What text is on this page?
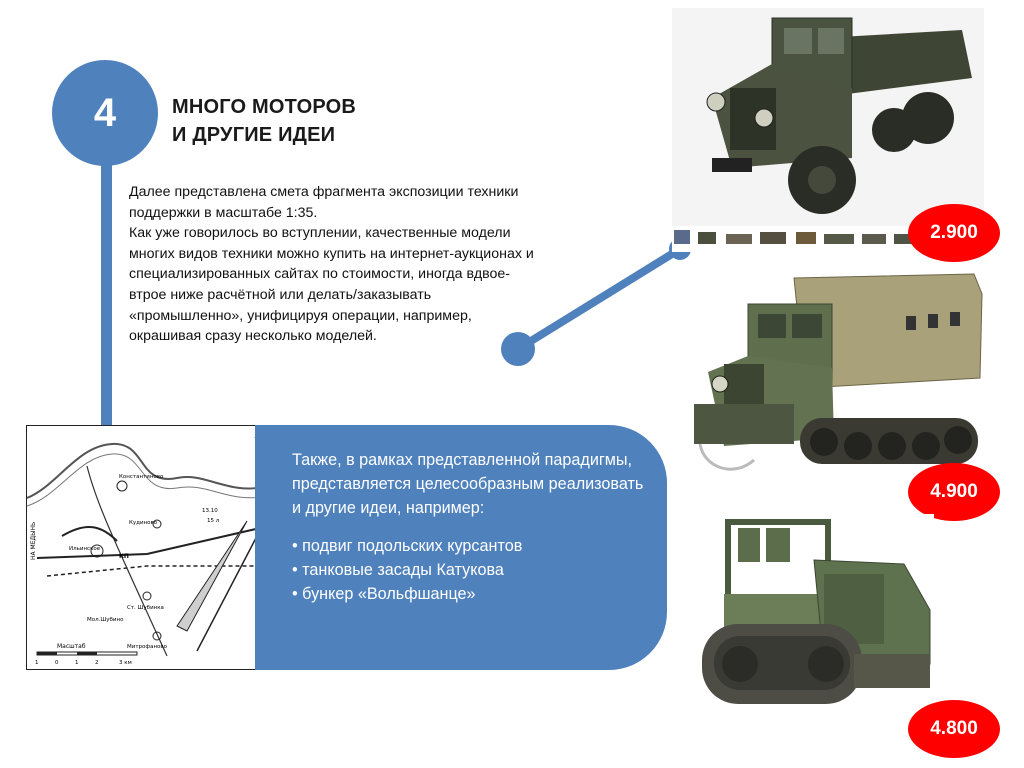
4	МНОГО МОТОРОВ
И ДРУГИЕ ИДЕИ
Далее представлена смета фрагмента экспозиции техники
поддержки в масштабе 1:35.
Как уже говорилось во вступлении, качественные модели
многих видов техники можно купить на интернет-аукционах и
специализированных сайтах по стоимости, иногда вдвое-
втрое ниже расчётной или делать/заказывать
«промышленно», унифицируя операции, например,
окрашивая сразу несколько моделей.
НА МЕДЫНЬ
Константиново
Кудиново
Ильинское
Ст. Шубинка
Мол.Шубино
Митрофаново
КП
13.10
15 л
Масштаб
1	0	1	2	3 км
Также, в рамках представленной парадигмы, представляется целесообразным реализовать и другие идеи, например:
• подвиг подольских курсантов
• танковые засады Катукова
• бункер «Вольфшанце»
2.900
4.900
4.800
